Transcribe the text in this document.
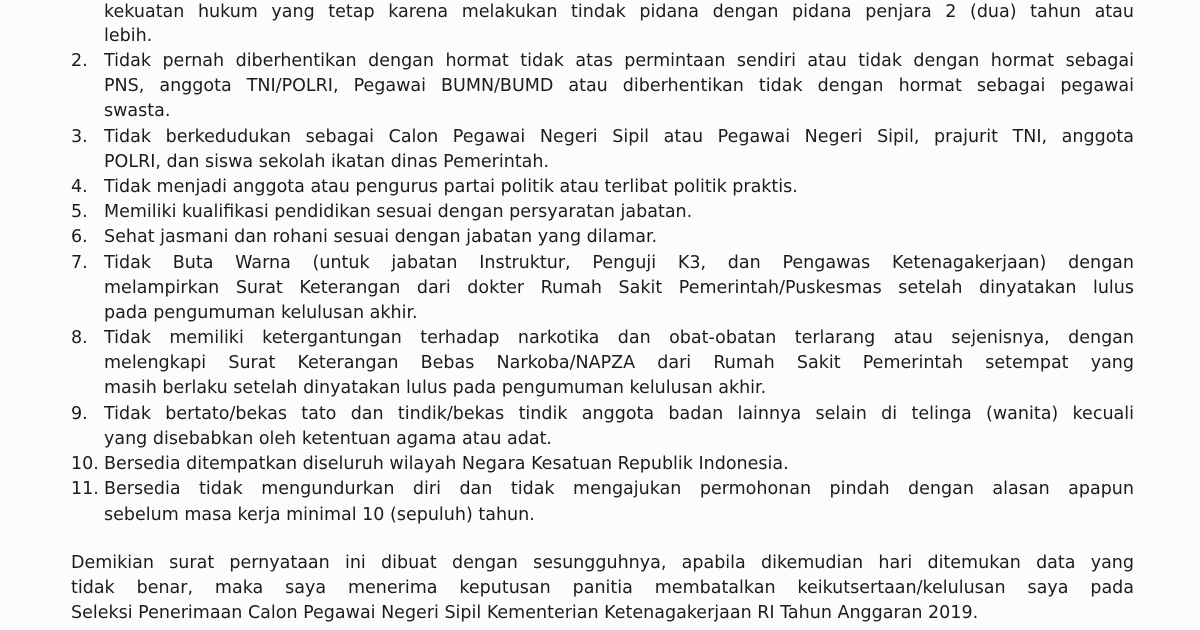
kekuatan hukum yang tetap karena melakukan tindak pidana dengan pidana penjara 2 (dua) tahun atau
lebih.
2. Tidak pernah diberhentikan dengan hormat tidak atas permintaan sendiri atau tidak dengan hormat sebagai
PNS, anggota TNI/POLRI, Pegawai BUMN/BUMD atau diberhentikan tidak dengan hormat sebagai pegawai
swasta.
3. Tidak berkedudukan sebagai Calon Pegawai Negeri Sipil atau Pegawai Negeri Sipil, prajurit TNI, anggota
POLRI, dan siswa sekolah ikatan dinas Pemerintah.
4. Tidak menjadi anggota atau pengurus partai politik atau terlibat politik praktis.
5. Memiliki kualifikasi pendidikan sesuai dengan persyaratan jabatan.
6. Sehat jasmani dan rohani sesuai dengan jabatan yang dilamar.
7. Tidak Buta Warna (untuk jabatan Instruktur, Penguji K3, dan Pengawas Ketenagakerjaan) dengan
melampirkan Surat Keterangan dari dokter Rumah Sakit Pemerintah/Puskesmas setelah dinyatakan lulus
pada pengumuman kelulusan akhir.
8. Tidak memiliki ketergantungan terhadap narkotika dan obat-obatan terlarang atau sejenisnya, dengan
melengkapi Surat Keterangan Bebas Narkoba/NAPZA dari Rumah Sakit Pemerintah setempat yang
masih berlaku setelah dinyatakan lulus pada pengumuman kelulusan akhir.
9. Tidak bertato/bekas tato dan tindik/bekas tindik anggota badan lainnya selain di telinga (wanita) kecuali
yang disebabkan oleh ketentuan agama atau adat.
10. Bersedia ditempatkan diseluruh wilayah Negara Kesatuan Republik Indonesia.
11. Bersedia tidak mengundurkan diri dan tidak mengajukan permohonan pindah dengan alasan apapun
sebelum masa kerja minimal 10 (sepuluh) tahun.
Demikian surat pernyataan ini dibuat dengan sesungguhnya, apabila dikemudian hari ditemukan data yang
tidak benar, maka saya menerima keputusan panitia membatalkan keikutsertaan/kelulusan saya pada
Seleksi Penerimaan Calon Pegawai Negeri Sipil Kementerian Ketenagakerjaan RI Tahun Anggaran 2019.
